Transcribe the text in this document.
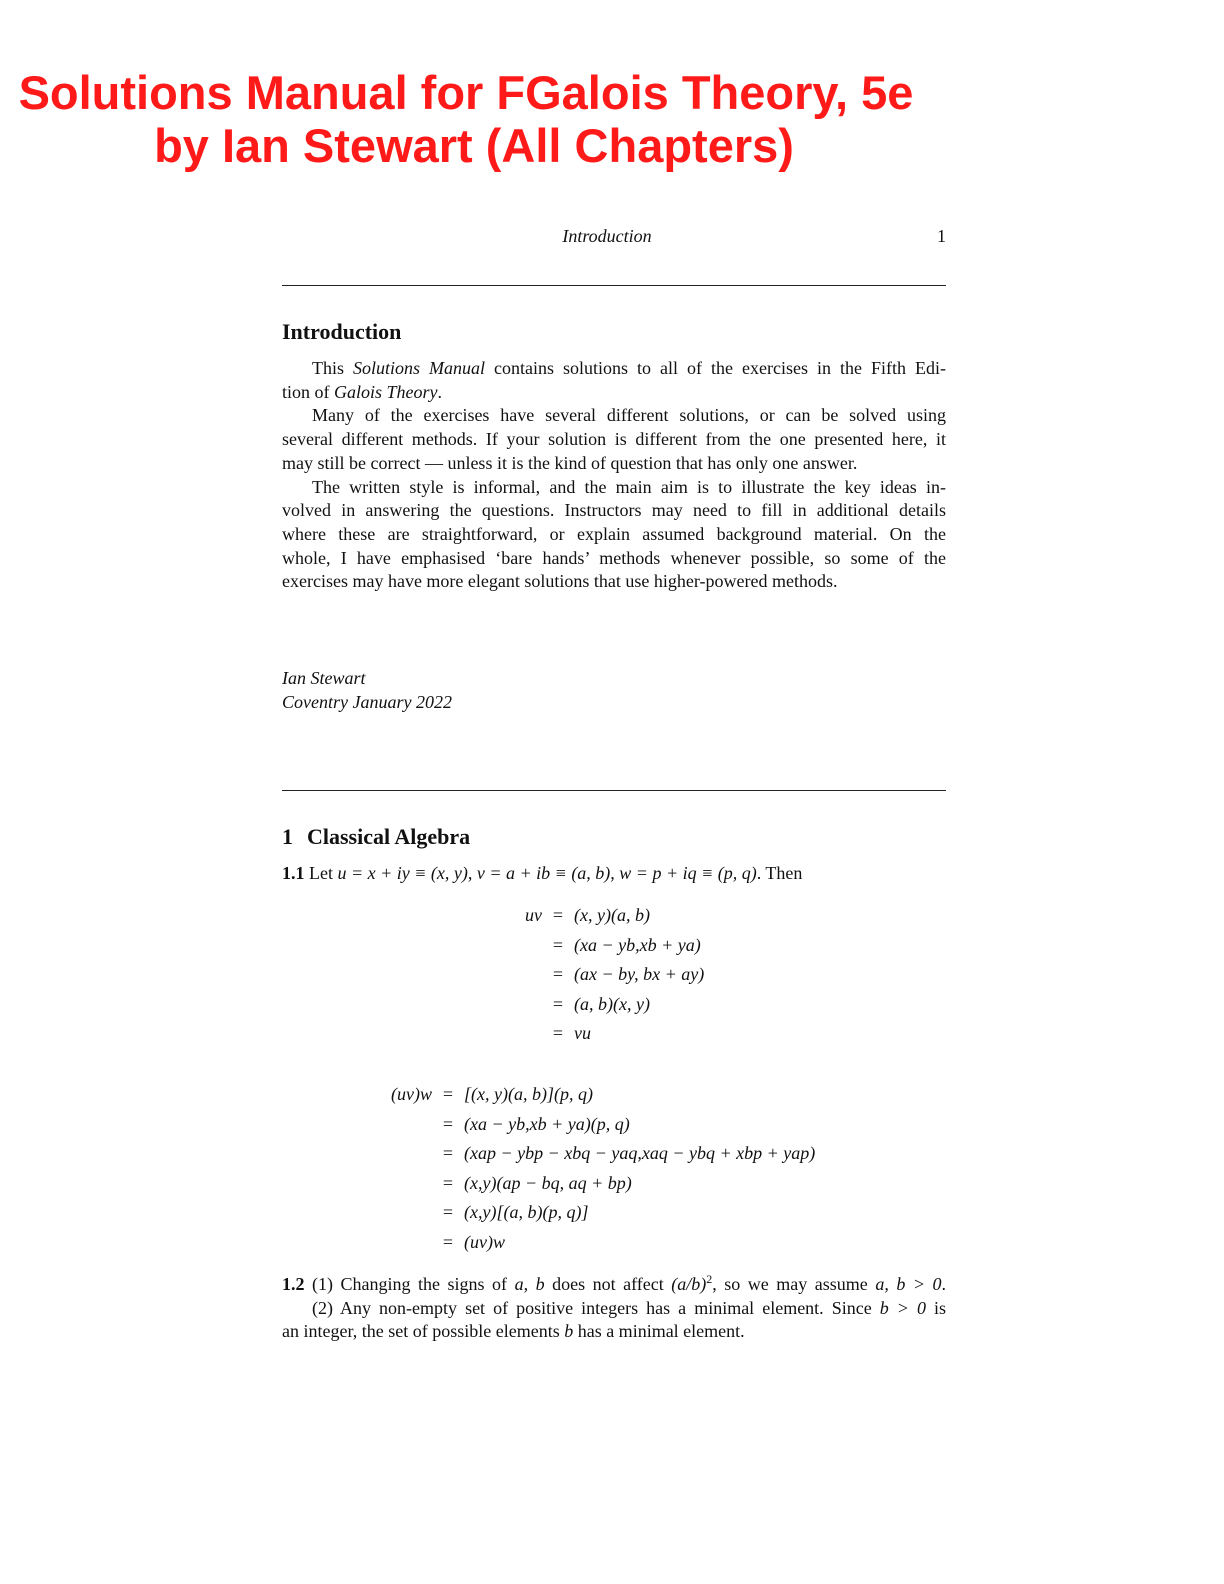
Solutions Manual for FGalois Theory, 5e
by Ian Stewart (All Chapters)
Introduction	1
Introduction
This Solutions Manual contains solutions to all of the exercises in the Fifth Edi-
tion of Galois Theory.
Many of the exercises have several different solutions, or can be solved using
several different methods. If your solution is different from the one presented here, it
may still be correct — unless it is the kind of question that has only one answer.
The written style is informal, and the main aim is to illustrate the key ideas in-
volved in answering the questions. Instructors may need to fill in additional details
where these are straightforward, or explain assumed background material. On the
whole, I have emphasised ‘bare hands’ methods whenever possible, so some of the
exercises may have more elegant solutions that use higher-powered methods.
Ian Stewart
Coventry January 2022
1 Classical Algebra
1.1 Let u = x + iy ≡ (x, y), v = a + ib ≡ (a, b), w = p + iq ≡ (p, q). Then
uv = (x, y)(a, b)
= (xa − yb,xb + ya)
= (ax − by, bx + ay)
= (a, b)(x, y)
= vu
(uv)w = [(x, y)(a, b)](p, q)
= (xa − yb,xb + ya)(p, q)
= (xap − ybp − xbq − yaq,xaq − ybq + xbp + yap)
= (x,y)(ap − bq, aq + bp)
= (x,y)[(a, b)(p, q)]
= (uv)w
1.2 (1) Changing the signs of a, b does not affect $(a/b)^2$, so we may assume a, b > 0.
(2) Any non-empty set of positive integers has a minimal element. Since b > 0 is
an integer, the set of possible elements b has a minimal element.
